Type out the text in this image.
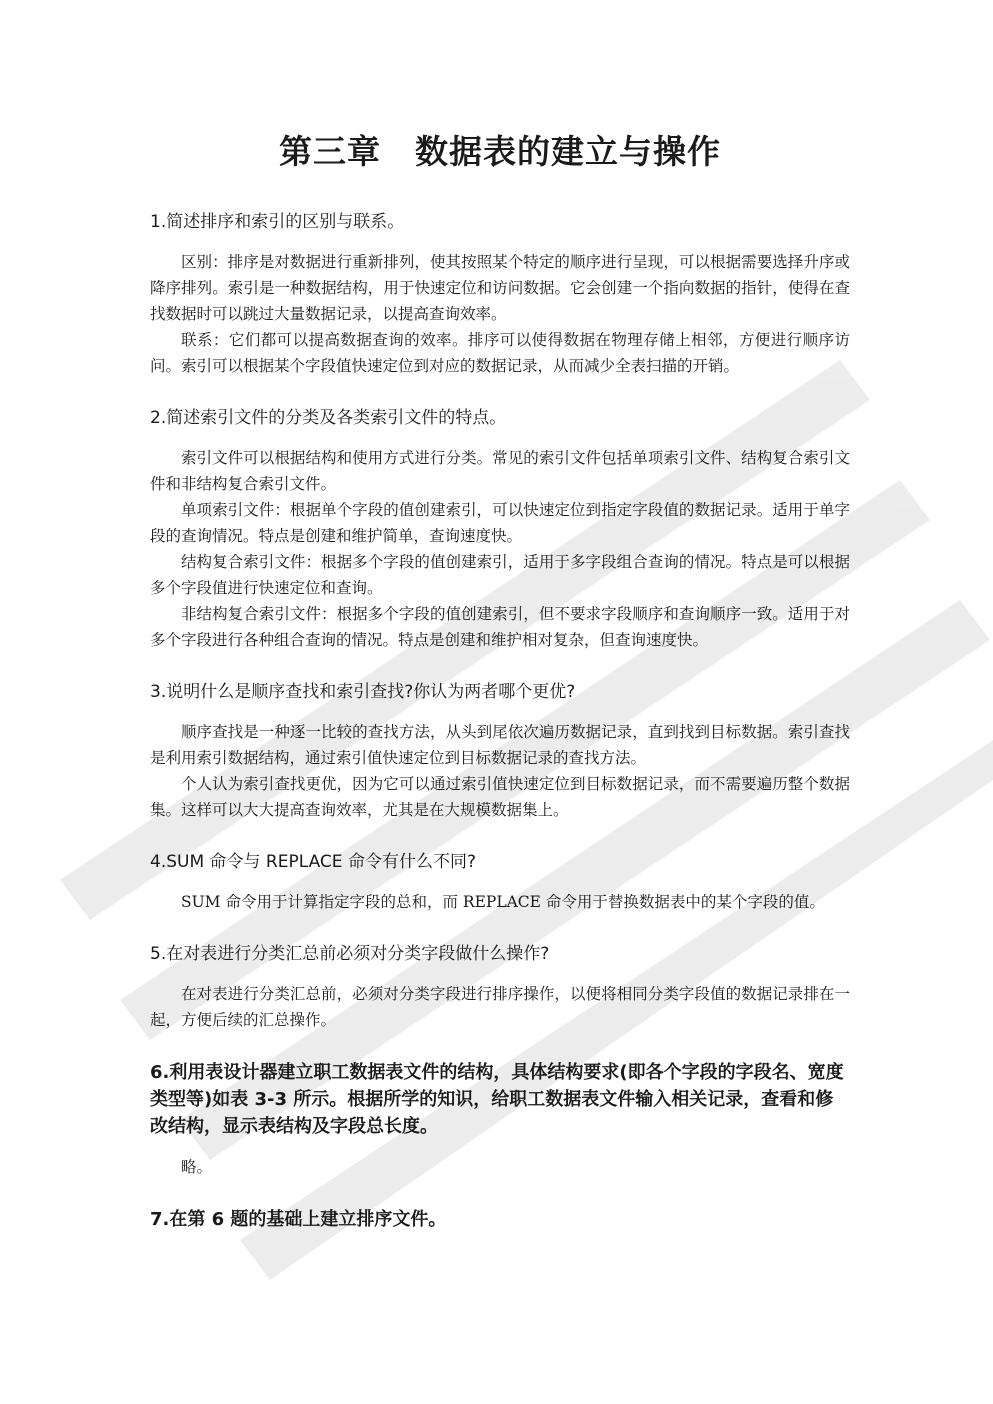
第三章　数据表的建立与操作

1.简述排序和索引的区别与联系。

区别：排序是对数据进行重新排列，使其按照某个特定的顺序进行呈现，可以根据需要选择升序或降序排列。索引是一种数据结构，用于快速定位和访问数据。它会创建一个指向数据的指针，使得在查找数据时可以跳过大量数据记录，以提高查询效率。

联系：它们都可以提高数据查询的效率。排序可以使得数据在物理存储上相邻，方便进行顺序访问。索引可以根据某个字段值快速定位到对应的数据记录，从而减少全表扫描的开销。

2.简述索引文件的分类及各类索引文件的特点。

索引文件可以根据结构和使用方式进行分类。常见的索引文件包括单项索引文件、结构复合索引文件和非结构复合索引文件。

单项索引文件：根据单个字段的值创建索引，可以快速定位到指定字段值的数据记录。适用于单字段的查询情况。特点是创建和维护简单，查询速度快。

结构复合索引文件：根据多个字段的值创建索引，适用于多字段组合查询的情况。特点是可以根据多个字段值进行快速定位和查询。

非结构复合索引文件：根据多个字段的值创建索引，但不要求字段顺序和查询顺序一致。适用于对多个字段进行各种组合查询的情况。特点是创建和维护相对复杂，但查询速度快。

3.说明什么是顺序查找和索引查找?你认为两者哪个更优?

顺序查找是一种逐一比较的查找方法，从头到尾依次遍历数据记录，直到找到目标数据。索引查找是利用索引数据结构，通过索引值快速定位到目标数据记录的查找方法。

个人认为索引查找更优，因为它可以通过索引值快速定位到目标数据记录，而不需要遍历整个数据集。这样可以大大提高查询效率，尤其是在大规模数据集上。

4.SUM 命令与 REPLACE 命令有什么不同?

SUM 命令用于计算指定字段的总和，而 REPLACE 命令用于替换数据表中的某个字段的值。

5.在对表进行分类汇总前必须对分类字段做什么操作?

在对表进行分类汇总前，必须对分类字段进行排序操作，以便将相同分类字段值的数据记录排在一起，方便后续的汇总操作。

6.利用表设计器建立职工数据表文件的结构，具体结构要求(即各个字段的字段名、宽度类型等)如表 3-3 所示。根据所学的知识，给职工数据表文件输入相关记录，查看和修改结构，显示表结构及字段总长度。

略。

7.在第 6 题的基础上建立排序文件。
